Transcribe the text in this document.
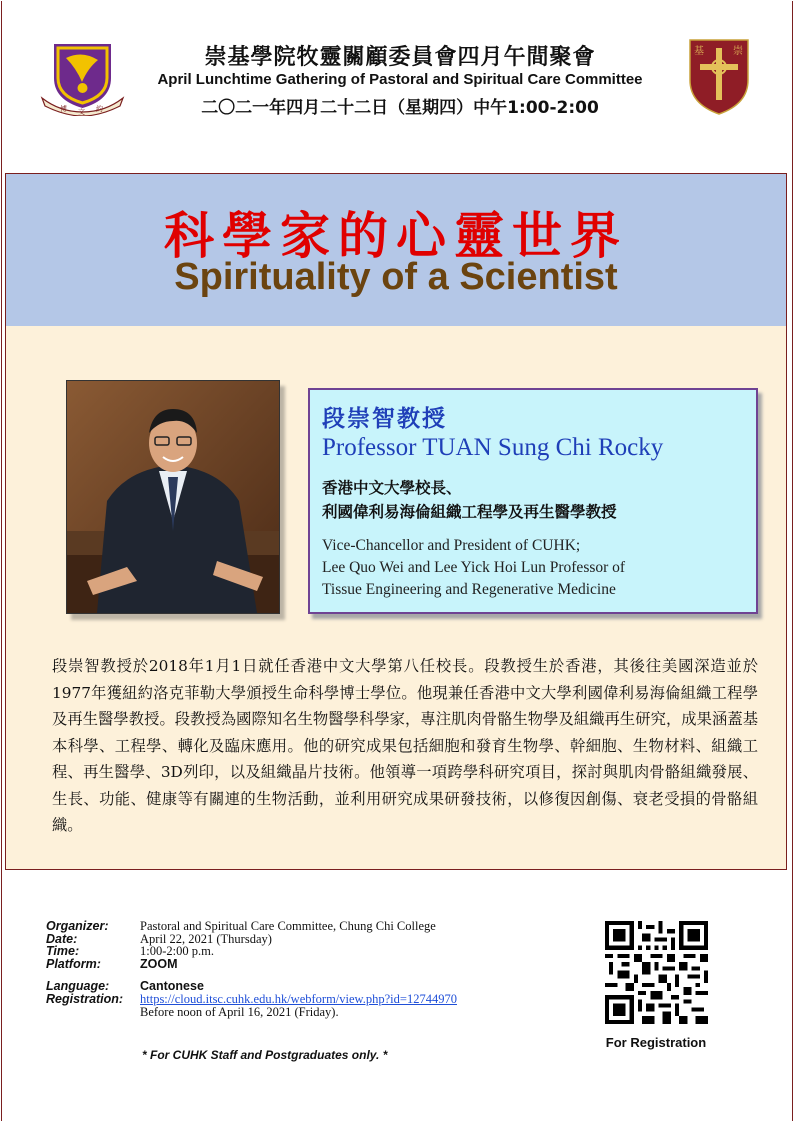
博 文 約
基	崇
崇基學院牧靈關顧委員會四月午間聚會
April Lunchtime Gathering of Pastoral and Spiritual Care Committee
二〇二一年四月二十二日（星期四）中午1:00-2:00
科學家的心靈世界
Spirituality of a Scientist
段崇智教授
Professor TUAN Sung Chi Rocky
香港中文大學校長、
利國偉利易海倫組織工程學及再生醫學教授
Vice-Chancellor and President of CUHK;
Lee Quo Wei and Lee Yick Hoi Lun Professor of
Tissue Engineering and Regenerative Medicine
段崇智教授於2018年1月1日就任香港中文大學第八任校長。段教授生於香港，其後往美國深造並於1977年獲紐約洛克菲勒大學頒授生命科學博士學位。他現兼任香港中文大學利國偉利易海倫組織工程學及再生醫學教授。段教授為國際知名生物醫學科學家，專注肌肉骨骼生物學及組織再生研究，成果涵蓋基本科學、工程學、轉化及臨床應用。他的研究成果包括細胞和發育生物學、幹細胞、生物材料、組織工程、再生醫學、3D列印，以及組織晶片技術。他領導一項跨學科研究項目，探討與肌肉骨骼組織發展、生長、功能、健康等有關連的生物活動，並利用研究成果研發技術，以修復因創傷、衰老受損的骨骼組織。
Organizer:	Pastoral and Spiritual Care Committee, Chung Chi College
Date:	April 22, 2021 (Thursday)
Time:	1:00-2:00 p.m.
Platform:	ZOOM
Language: Cantonese
Registration: https://cloud.itsc.cuhk.edu.hk/webform/view.php?id=12744970
Before noon of April 16, 2021 (Friday).
* For CUHK Staff and Postgraduates only. *
For Registration
